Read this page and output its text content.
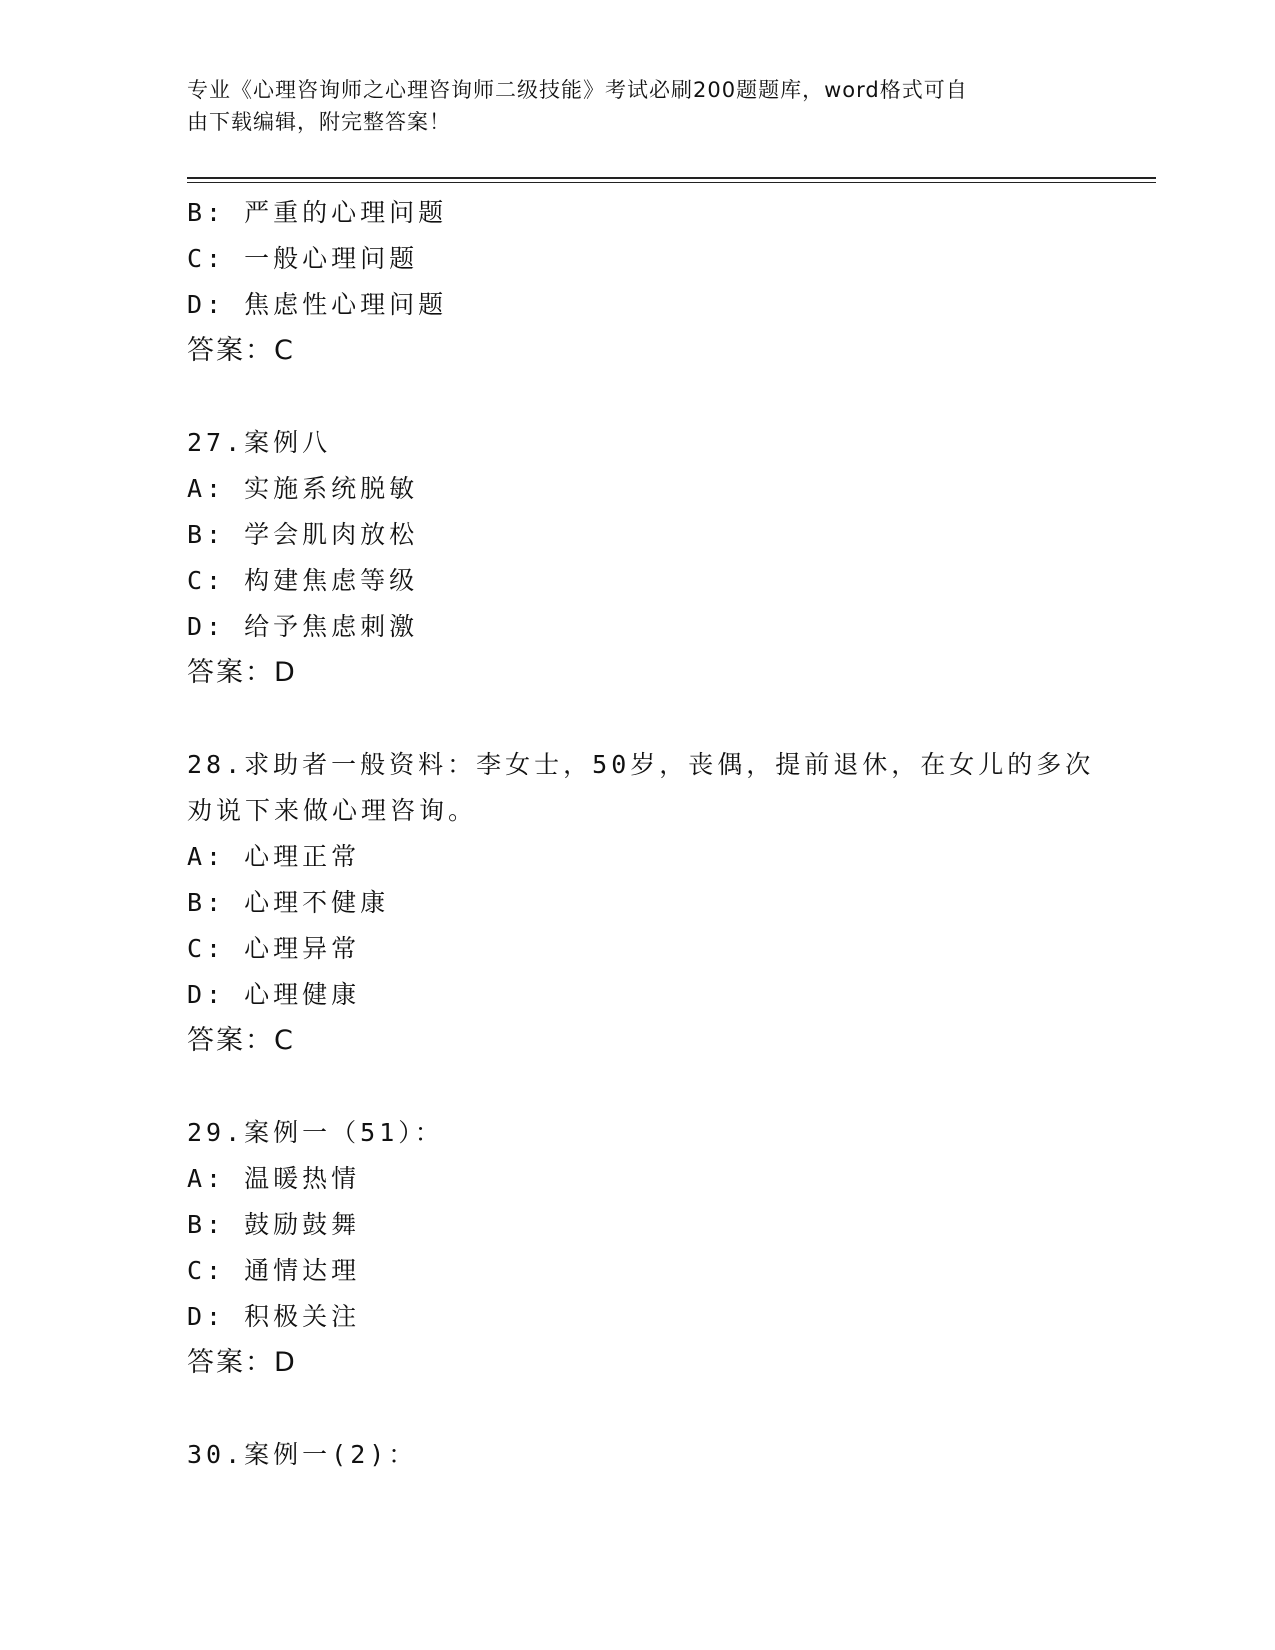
专业《心理咨询师之心理咨询师二级技能》考试必刷200题题库，word格式可自
由下载编辑，附完整答案！
B: 严重的心理问题
C: 一般心理问题
D: 焦虑性心理问题
答案：C
27.案例八
A: 实施系统脱敏
B: 学会肌肉放松
C: 构建焦虑等级
D: 给予焦虑刺激
答案：D
28.求助者一般资料：李女士，50岁，丧偶，提前退休，在女儿的多次
劝说下来做心理咨询。
A: 心理正常
B: 心理不健康
C: 心理异常
D: 心理健康
答案：C
29.案例一（51）：
A: 温暖热情
B: 鼓励鼓舞
C: 通情达理
D: 积极关注
答案：D
30.案例一(2)：
